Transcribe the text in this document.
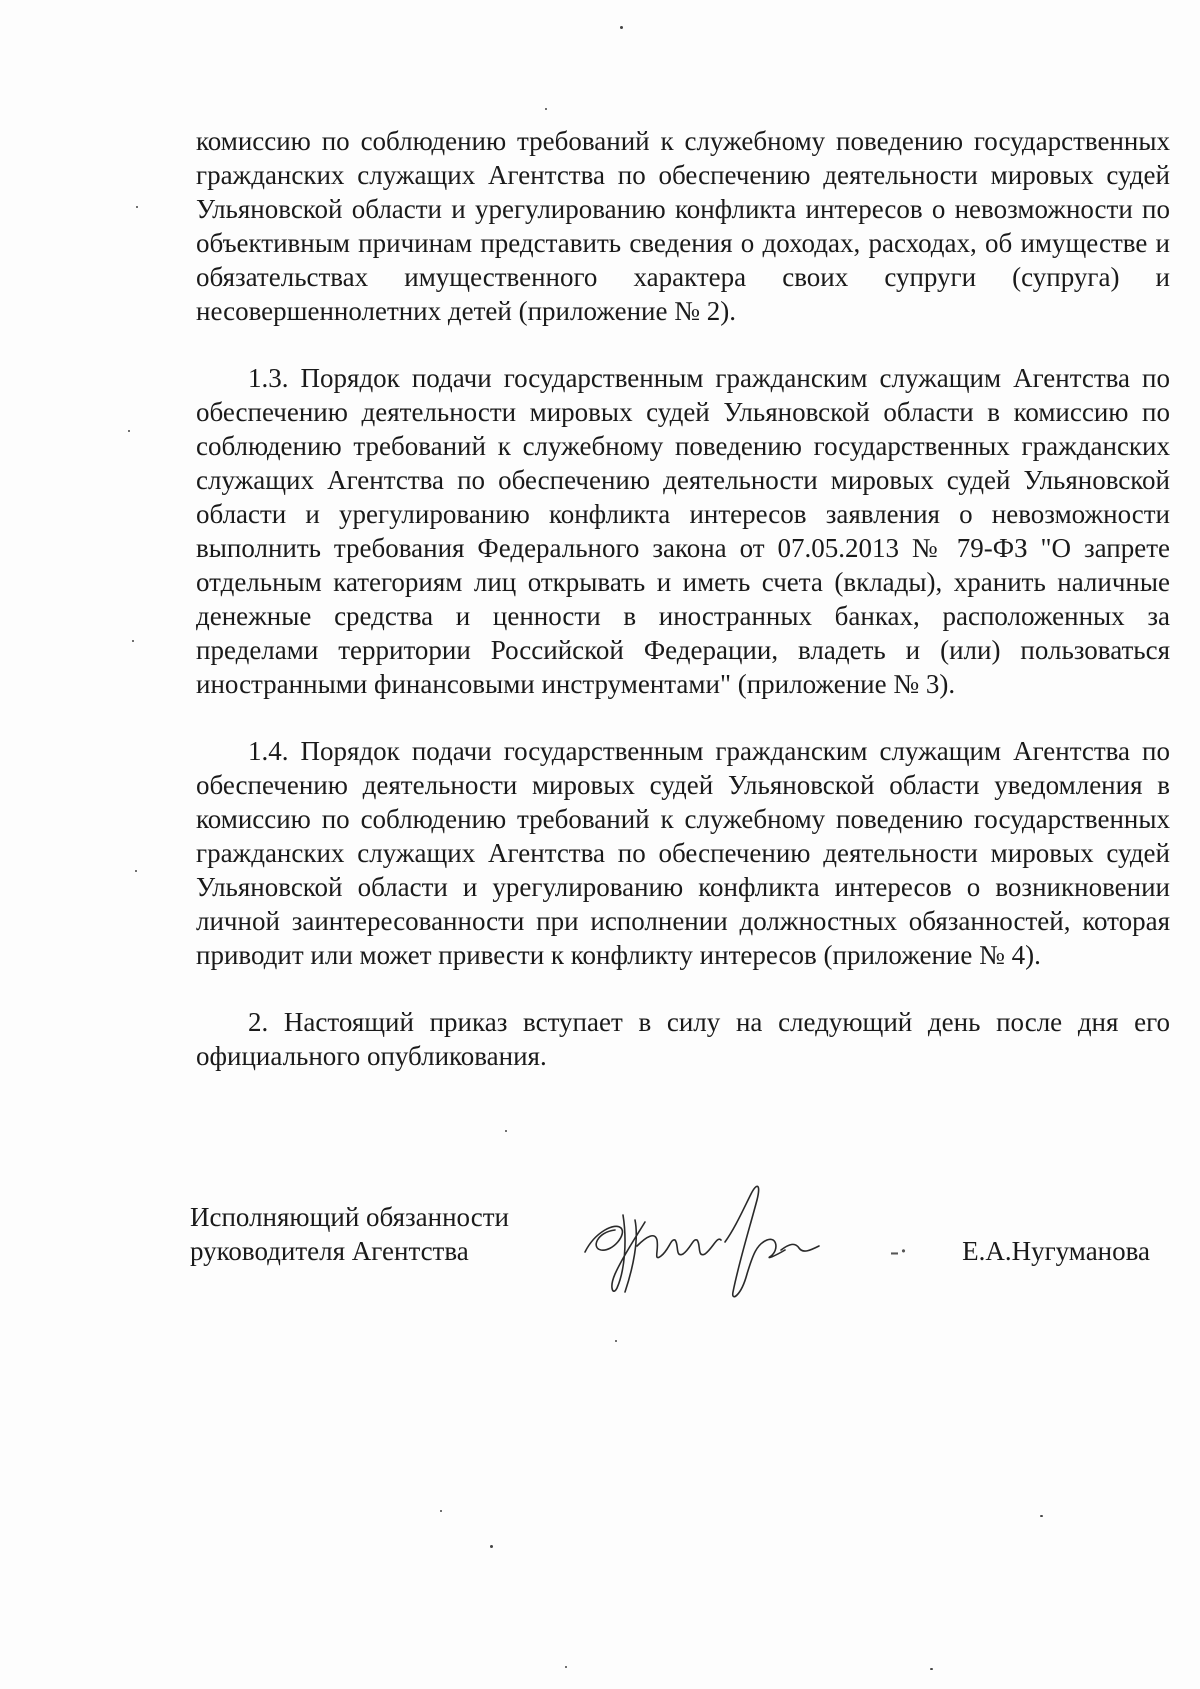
комиссию по соблюдению требований к служебному поведению государственных гражданских служащих Агентства по обеспечению деятельности мировых судей Ульяновской области и урегулированию конфликта интересов о невозможности по объективным причинам представить сведения о доходах, расходах, об имуществе и обязательствах имущественного характера своих супруги (супруга) и несовершеннолетних детей (приложение № 2).

1.3. Порядок подачи государственным гражданским служащим Агентства по обеспечению деятельности мировых судей Ульяновской области в комиссию по соблюдению требований к служебному поведению государственных гражданских служащих Агентства по обеспечению деятельности мировых судей Ульяновской области и урегулированию конфликта интересов заявления о невозможности выполнить требования Федерального закона от 07.05.2013 № 79-ФЗ "О запрете отдельным категориям лиц открывать и иметь счета (вклады), хранить наличные денежные средства и ценности в иностранных банках, расположенных за пределами территории Российской Федерации, владеть и (или) пользоваться иностранными финансовыми инструментами" (приложение № 3).

1.4. Порядок подачи государственным гражданским служащим Агентства по обеспечению деятельности мировых судей Ульяновской области уведомления в комиссию по соблюдению требований к служебному поведению государственных гражданских служащих Агентства по обеспечению деятельности мировых судей Ульяновской области и урегулированию конфликта интересов о возникновении личной заинтересованности при исполнении должностных обязанностей, которая приводит или может привести к конфликту интересов (приложение № 4).

2. Настоящий приказ вступает в силу на следующий день после дня его официального опубликования.

Исполняющий обязанности
руководителя Агентства	-· Е.А.Нугуманова
